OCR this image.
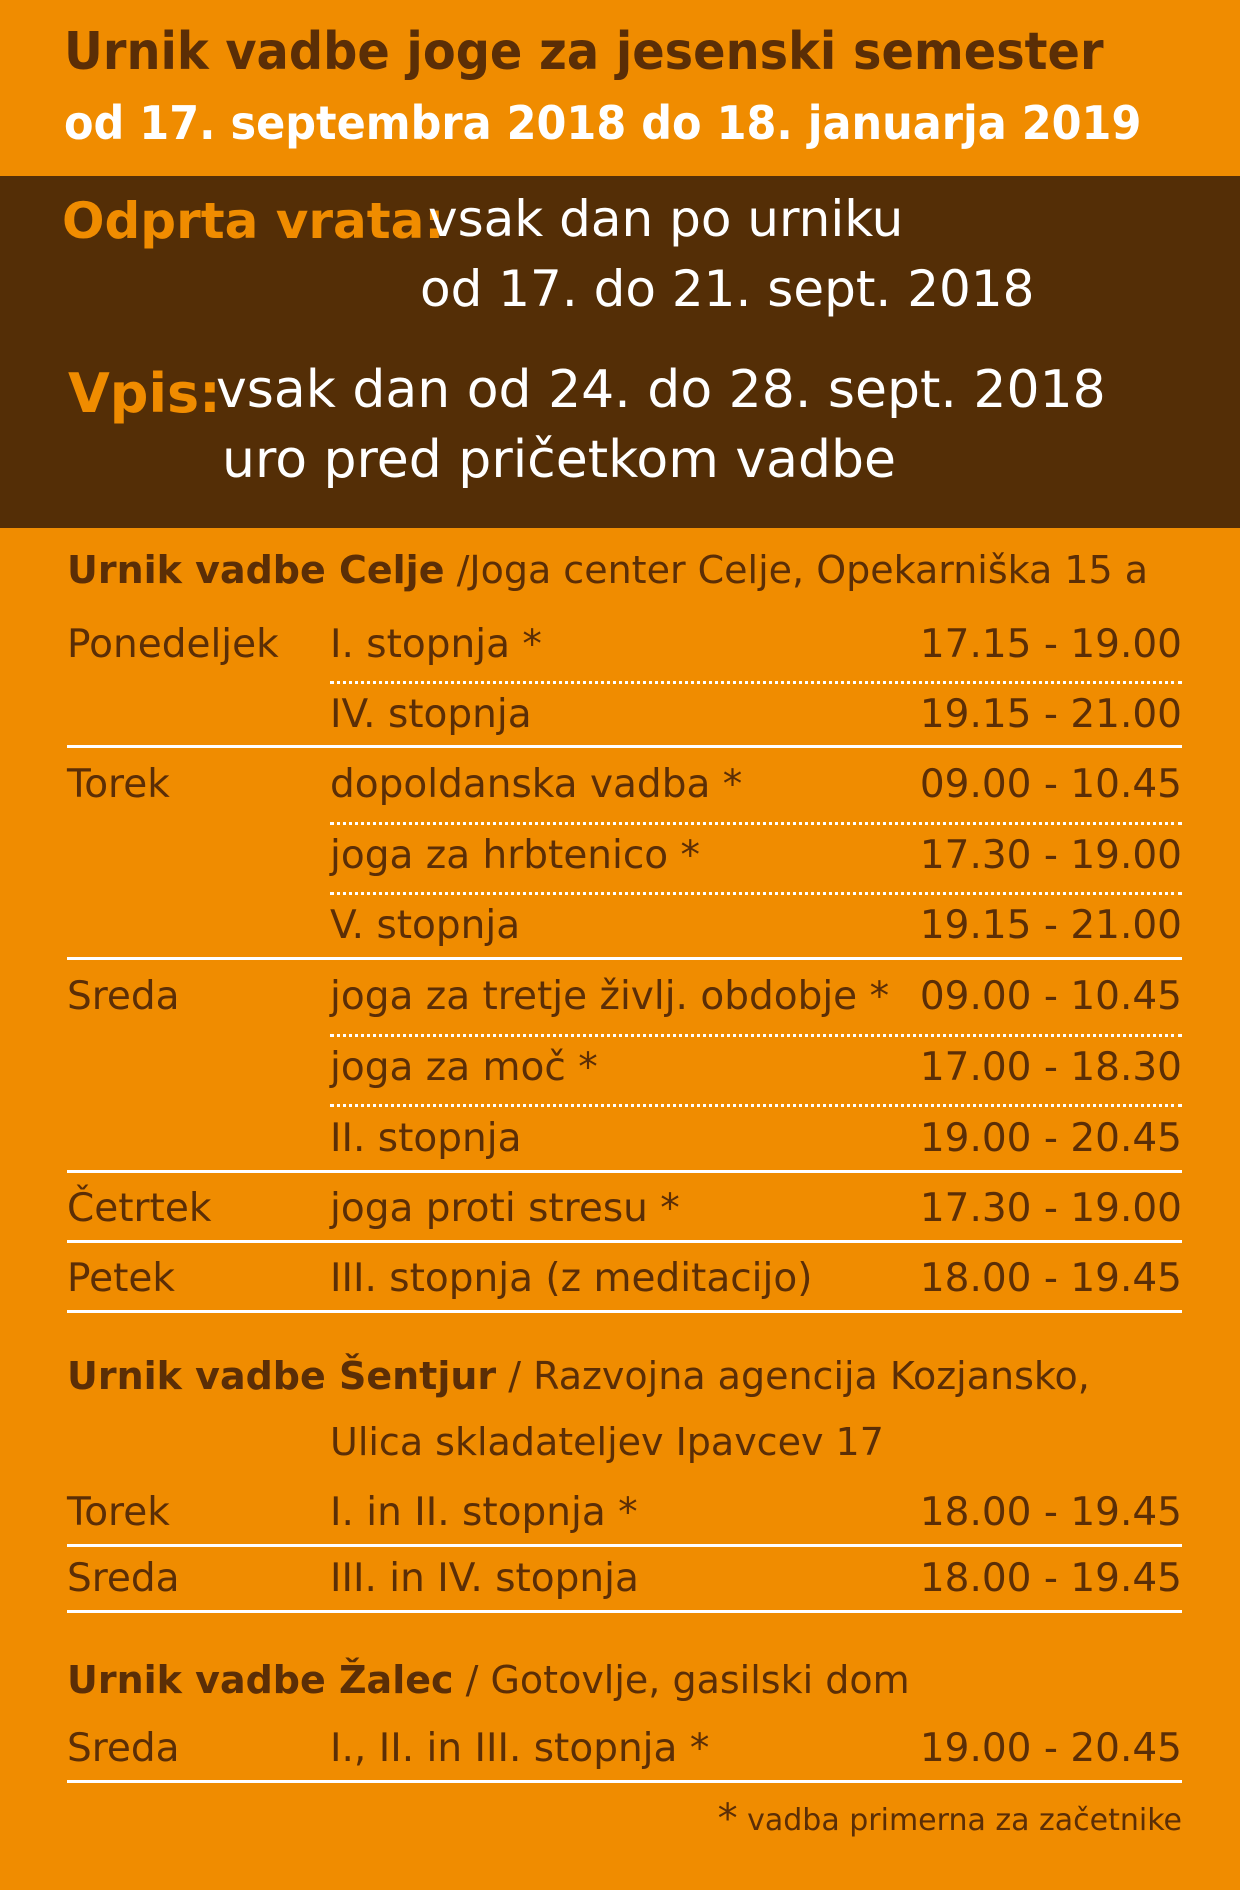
Urnik vadbe joge za jesenski semester
od 17. septembra 2018 do 18. januarja 2019
Odprta vrata:
vsak dan po urniku
od 17. do 21. sept. 2018
Vpis:
vsak dan od 24. do 28. sept. 2018
uro pred pričetkom vadbe
Urnik vadbe Celje /Joga center Celje, Opekarniška 15 a
Ponedeljek I. stopnja *	17.15 - 19.00
IV. stopnja	19.15 - 21.00
Torek	dopoldanska vadba *	09.00 - 10.45
joga za hrbtenico *	17.30 - 19.00
V. stopnja	19.15 - 21.00
Sreda	joga za tretje življ. obdobje * 09.00 - 10.45
joga za moč *	17.00 - 18.30
II. stopnja	19.00 - 20.45
Četrtek	joga proti stresu *	17.30 - 19.00
Petek	III. stopnja (z meditacijo)	18.00 - 19.45
Urnik vadbe Šentjur / Razvojna agencija Kozjansko,
Ulica skladateljev Ipavcev 17
Torek	I. in II. stopnja *	18.00 - 19.45
Sreda	III. in IV. stopnja	18.00 - 19.45
Urnik vadbe Žalec / Gotovlje, gasilski dom
Sreda	I., II. in III. stopnja *	19.00 - 20.45
* vadba primerna za začetnike
